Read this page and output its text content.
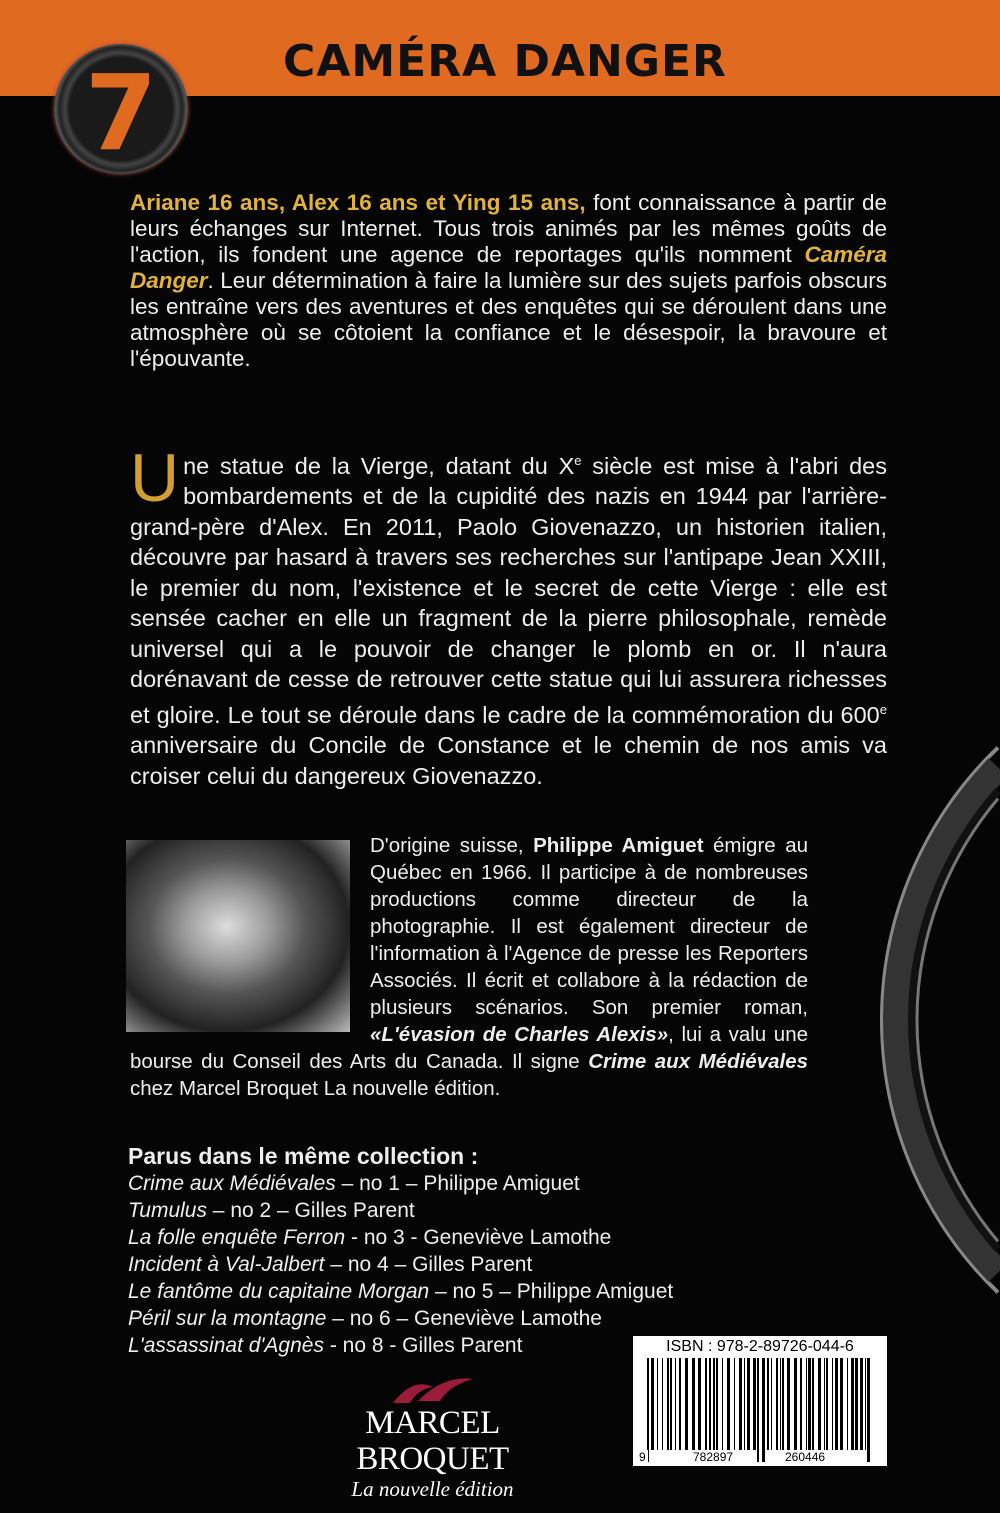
CAMÉRA DANGER
7

Ariane 16 ans, Alex 16 ans et Ying 15 ans, font connaissance à partir de leurs échanges sur Internet. Tous trois animés par les mêmes goûts de l'action, ils fondent une agence de reportages qu'ils nomment Caméra Danger. Leur détermination à faire la lumière sur des sujets parfois obscurs les entraîne vers des aventures et des enquêtes qui se déroulent dans une atmosphère où se côtoient la confiance et le désespoir, la bravoure et l'épouvante.

Une statue de la Vierge, datant du Xe siècle est mise à l'abri des bombardements et de la cupidité des nazis en 1944 par l'arrière-grand-père d'Alex. En 2011, Paolo Giovenazzo, un historien italien, découvre par hasard à travers ses recherches sur l'antipape Jean XXIII, le premier du nom, l'existence et le secret de cette Vierge : elle est sensée cacher en elle un fragment de la pierre philosophale, remède universel qui a le pouvoir de changer le plomb en or. Il n'aura dorénavant de cesse de retrouver cette statue qui lui assurera richesses et gloire. Le tout se déroule dans le cadre de la commémoration du 600e anniversaire du Concile de Constance et le chemin de nos amis va croiser celui du dangereux Giovenazzo.

D'origine suisse, Philippe Amiguet émigre au Québec en 1966. Il participe à de nombreuses productions comme directeur de la photographie. Il est également directeur de l'information à l'Agence de presse les Reporters Associés. Il écrit et collabore à la rédaction de plusieurs scénarios. Son premier roman, «L'évasion de Charles Alexis», lui a valu une bourse du Conseil des Arts du Canada. Il signe Crime aux Médiévales chez Marcel Broquet La nouvelle édition.

Parus dans le même collection :
Crime aux Médiévales – no 1 – Philippe Amiguet
Tumulus – no 2 – Gilles Parent
La folle enquête Ferron - no 3 - Geneviève Lamothe
Incident à Val-Jalbert – no 4 – Gilles Parent
Le fantôme du capitaine Morgan – no 5 – Philippe Amiguet
Péril sur la montagne – no 6 – Geneviève Lamothe
L'assassinat d'Agnès - no 8 - Gilles Parent
MARCEL BROQUET
La nouvelle édition
ISBN : 978-2-89726-044-6
9	782897	260446
